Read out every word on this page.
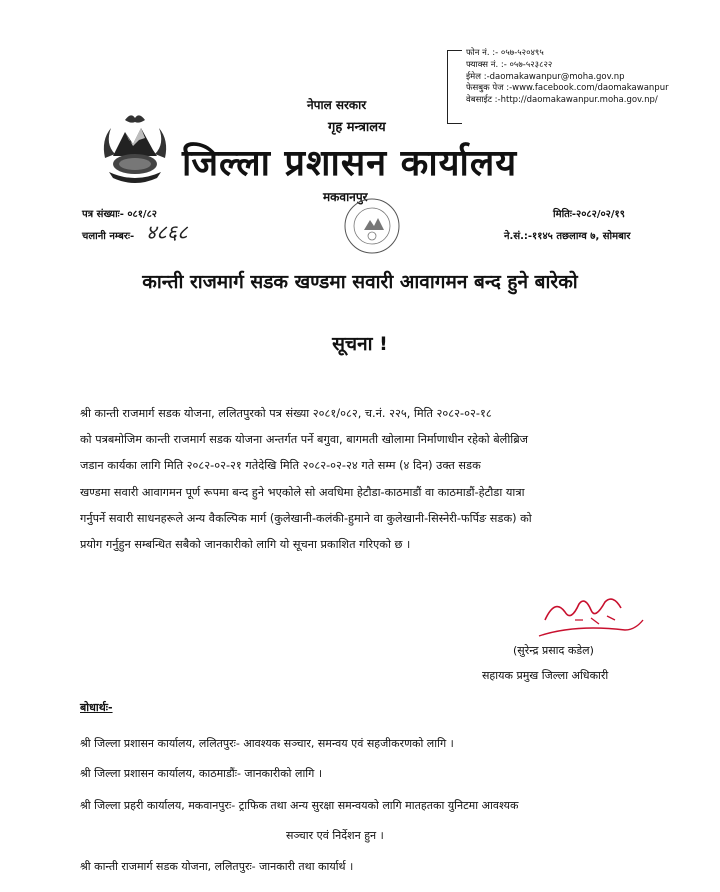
फोन नं. :- ०५७-५२०४९५
फ्याक्स नं. :- ०५७-५२३८२२
ईमेल :-daomakawanpur@moha.gov.np
फेसबुक पेज :-www.facebook.com/daomakawanpur
वेबसाईट :-http://daomakawanpur.moha.gov.np/
नेपाल सरकार
गृह मन्त्रालय
जिल्ला प्रशासन कार्यालय
मकवानपुर
पत्र संख्याः- ०८१/८२
चलानी नम्बरः- ४८६८
मितिः-२०८२/०२/१९
ने.सं.:-११४५ तछलाग्व ७, सोमबार
कान्ती राजमार्ग सडक खण्डमा सवारी आवागमन बन्द हुने बारेको
सूचना !
श्री कान्ती राजमार्ग सडक योजना, ललितपुरको पत्र संख्या २०८१/०८२, च.नं. २२५, मिति २०८२-०२-१८
को पत्रबमोजिम कान्ती राजमार्ग सडक योजना अन्तर्गत पर्ने बगुवा, बागमती खोलामा निर्माणाधीन रहेको बेलीब्रिज
जडान कार्यका लागि मिति २०८२-०२-२१ गतेदेखि मिति २०८२-०२-२४ गते सम्म (४ दिन) उक्त सडक
खण्डमा सवारी आवागमन पूर्ण रूपमा बन्द हुने भएकोले सो अवधिमा हेटौडा-काठमाडौं वा काठमाडौं-हेटौडा यात्रा
गर्नुपर्ने सवारी साधनहरूले अन्य वैकल्पिक मार्ग (कुलेखानी-कलंकी-हुमाने वा कुलेखानी-सिस्नेरी-फर्पिङ सडक) को
प्रयोग गर्नुहुन सम्बन्धित सबैको जानकारीको लागि यो सूचना प्रकाशित गरिएको छ ।
(सुरेन्द्र प्रसाद कडेल)
सहायक प्रमुख जिल्ला अधिकारी
बोधार्थः-
श्री जिल्ला प्रशासन कार्यालय, ललितपुरः- आवश्यक सञ्चार, समन्वय एवं सहजीकरणको लागि ।
श्री जिल्ला प्रशासन कार्यालय, काठमाडौंः- जानकारीको लागि ।
श्री जिल्ला प्रहरी कार्यालय, मकवानपुरः- ट्राफिक तथा अन्य सुरक्षा समन्वयको लागि मातहतका युनिटमा आवश्यक
सञ्चार एवं निर्देशन हुन ।
श्री कान्ती राजमार्ग सडक योजना, ललितपुरः- जानकारी तथा कार्यार्थ ।
